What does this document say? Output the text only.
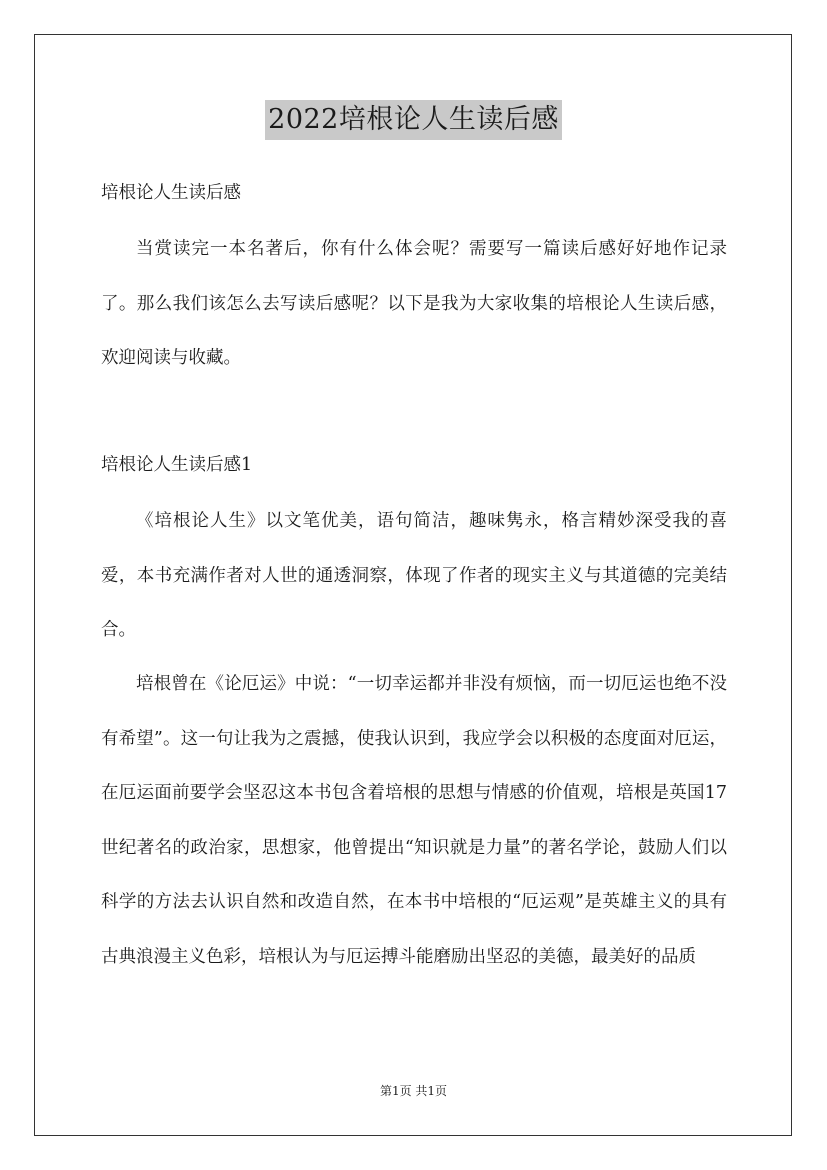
2022培根论人生读后感
培根论人生读后感

当赏读完一本名著后，你有什么体会呢？需要写一篇读后感好好地作记录了。那么我们该怎么去写读后感呢？以下是我为大家收集的培根论人生读后感，欢迎阅读与收藏。

培根论人生读后感1

《培根论人生》以文笔优美，语句简洁，趣味隽永，格言精妙深受我的喜爱，本书充满作者对人世的通透洞察，体现了作者的现实主义与其道德的完美结合。

培根曾在《论厄运》中说：“一切幸运都并非没有烦恼，而一切厄运也绝不没有希望”。这一句让我为之震撼，使我认识到，我应学会以积极的态度面对厄运，在厄运面前要学会坚忍这本书包含着培根的思想与情感的价值观，培根是英国17世纪著名的政治家，思想家，他曾提出“知识就是力量”的著名学论，鼓励人们以科学的方法去认识自然和改造自然，在本书中培根的“厄运观”是英雄主义的具有古典浪漫主义色彩，培根认为与厄运搏斗能磨励出坚忍的美德，最美好的品质

第1页 共1页
